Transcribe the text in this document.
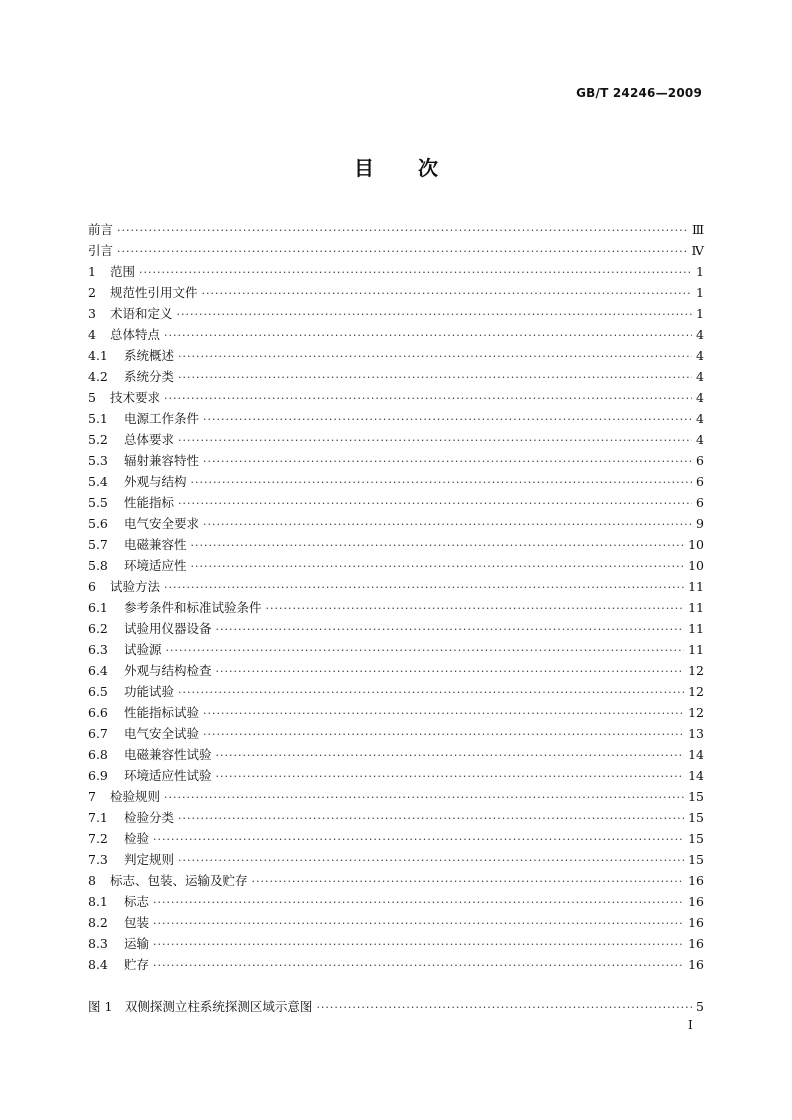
GB/T 24246—2009
目 次
前言 ·····	Ⅲ
引言 ·····	Ⅳ
1	范围 ·····	1
2	规范性引用文件 ·····	1
3	术语和定义 ·····	1
4	总体特点 ·····	4
4.1	系统概述 ·····	4
4.2	系统分类 ·····	4
5	技术要求 ·····	4
5.1	电源工作条件 ·····	4
5.2	总体要求 ·····	4
5.3	辐射兼容特性 ·····	6
5.4	外观与结构 ·····	6
5.5	性能指标 ·····	6
5.6	电气安全要求 ·····	9
5.7	电磁兼容性 ·····	10
5.8	环境适应性 ·····	10
6	试验方法 ·····	11
6.1	参考条件和标准试验条件 ·····	11
6.2	试验用仪器设备 ·····	11
6.3	试验源 ·····	11
6.4	外观与结构检查 ·····	12
6.5	功能试验 ·····	12
6.6	性能指标试验 ·····	12
6.7	电气安全试验 ·····	13
6.8	电磁兼容性试验 ·····	14
6.9	环境适应性试验 ·····	14
7	检验规则 ·····	15
7.1	检验分类 ·····	15
7.2	检验 ·····	15
7.3	判定规则 ·····	15
8	标志、包装、运输及贮存 ·····	16
8.1	标志 ·····	16
8.2	包装 ·····	16
8.3	运输 ·····	16
8.4	贮存 ·····	16
图 1　双侧探测立柱系统探测区域示意图 ·····	5
Ⅰ
